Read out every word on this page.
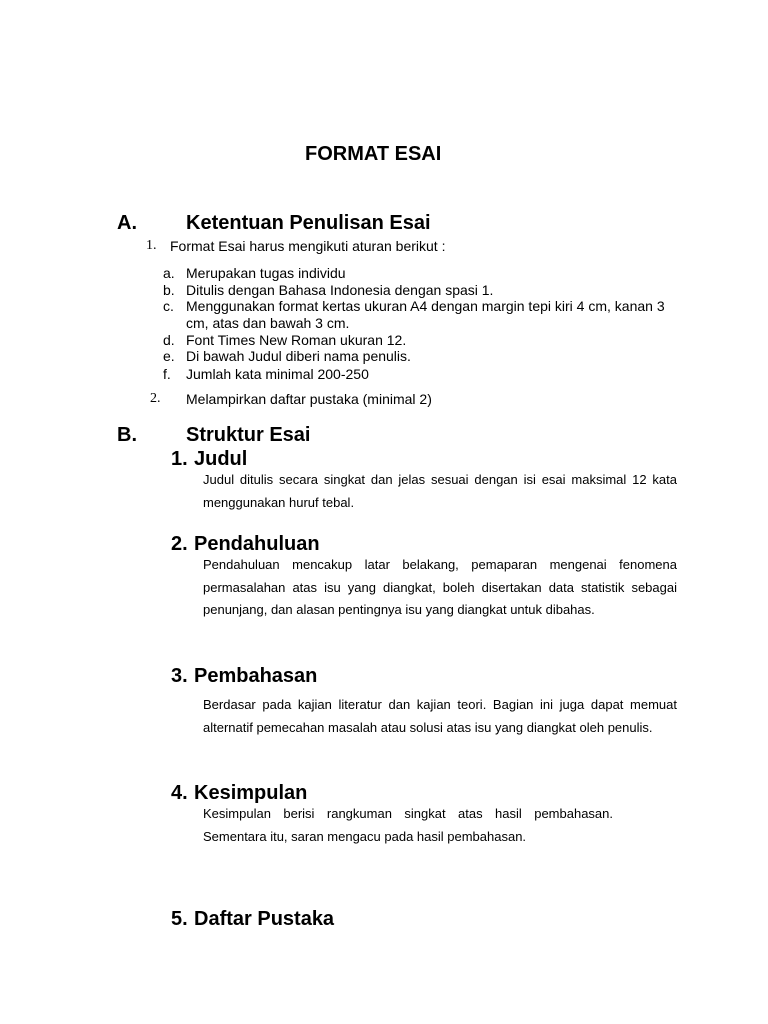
FORMAT ESAI
A. Ketentuan Penulisan Esai
1. Format Esai harus mengikuti aturan berikut :
a. Merupakan tugas individu
b. Ditulis dengan Bahasa Indonesia dengan spasi 1.
c. Menggunakan format kertas ukuran A4 dengan margin tepi kiri 4 cm, kanan 3 cm, atas dan bawah 3 cm.
d. Font Times New Roman ukuran 12.
e. Di bawah Judul diberi nama penulis.
f. Jumlah kata minimal 200-250
2. Melampirkan daftar pustaka (minimal 2)
B. Struktur Esai
1. Judul
Judul ditulis secara singkat dan jelas sesuai dengan isi esai maksimal 12 kata menggunakan huruf tebal.
2. Pendahuluan
Pendahuluan mencakup latar belakang, pemaparan mengenai fenomena permasalahan atas isu yang diangkat, boleh disertakan data statistik sebagai penunjang, dan alasan pentingnya isu yang diangkat untuk dibahas.
3. Pembahasan
Berdasar pada kajian literatur dan kajian teori. Bagian ini juga dapat memuat alternatif pemecahan masalah atau solusi atas isu yang diangkat oleh penulis.
4. Kesimpulan
Kesimpulan berisi rangkuman singkat atas hasil pembahasan. Sementara itu, saran mengacu pada hasil pembahasan.
5. Daftar Pustaka
